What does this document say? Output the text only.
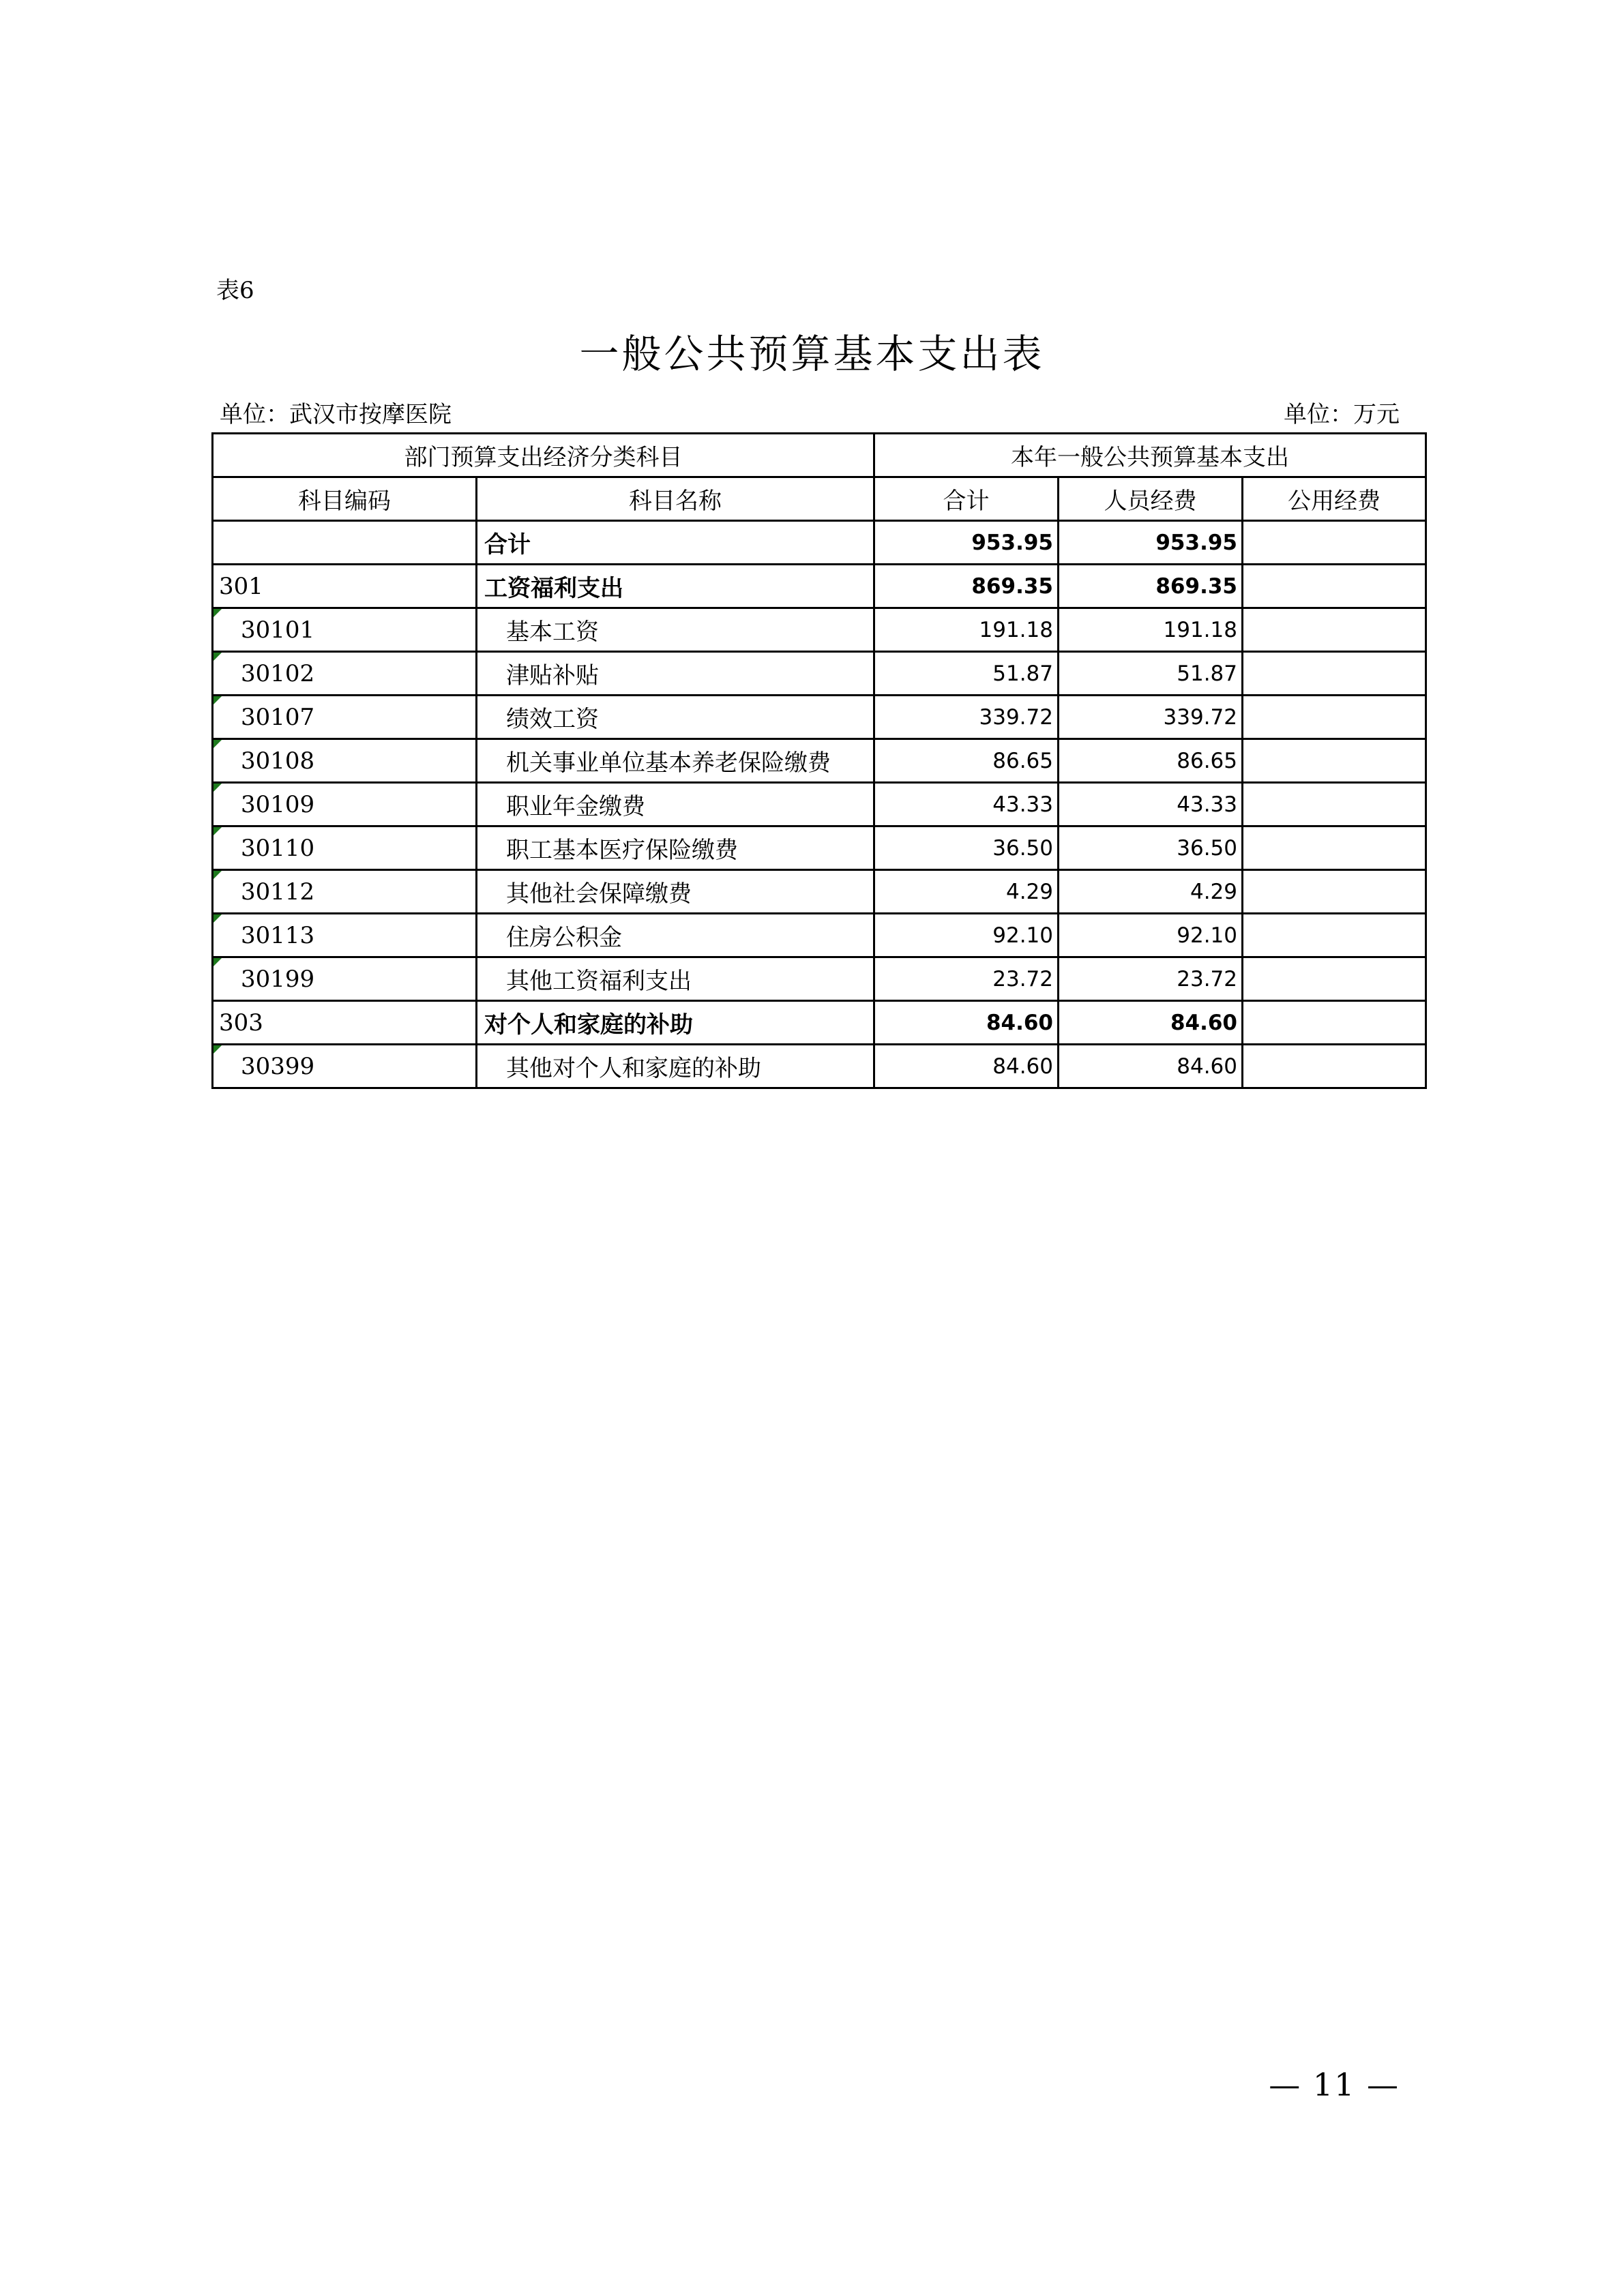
表6
一般公共预算基本支出表
单位：武汉市按摩医院	单位：万元
部门预算支出经济分类科目		本年一般公共预算基本支出		
科目编码	科目名称	合计	人员经费	公用经费
	合计	953.95	953.95	
301	工资福利支出	869.35	869.35	

30101	基本工资	191.18	191.18	

30102	津贴补贴	51.87	51.87	

30107	绩效工资	339.72	339.72	

30108	机关事业单位基本养老保险缴费	86.65	86.65	

30109	职业年金缴费	43.33	43.33	

30110	职工基本医疗保险缴费	36.50	36.50	

30112	其他社会保障缴费	4.29	4.29	

30113	住房公积金	92.10	92.10	

30199	其他工资福利支出	23.72	23.72	
303	对个人和家庭的补助	84.60	84.60	

30399	其他对个人和家庭的补助	84.60	84.60	
— 11 —
